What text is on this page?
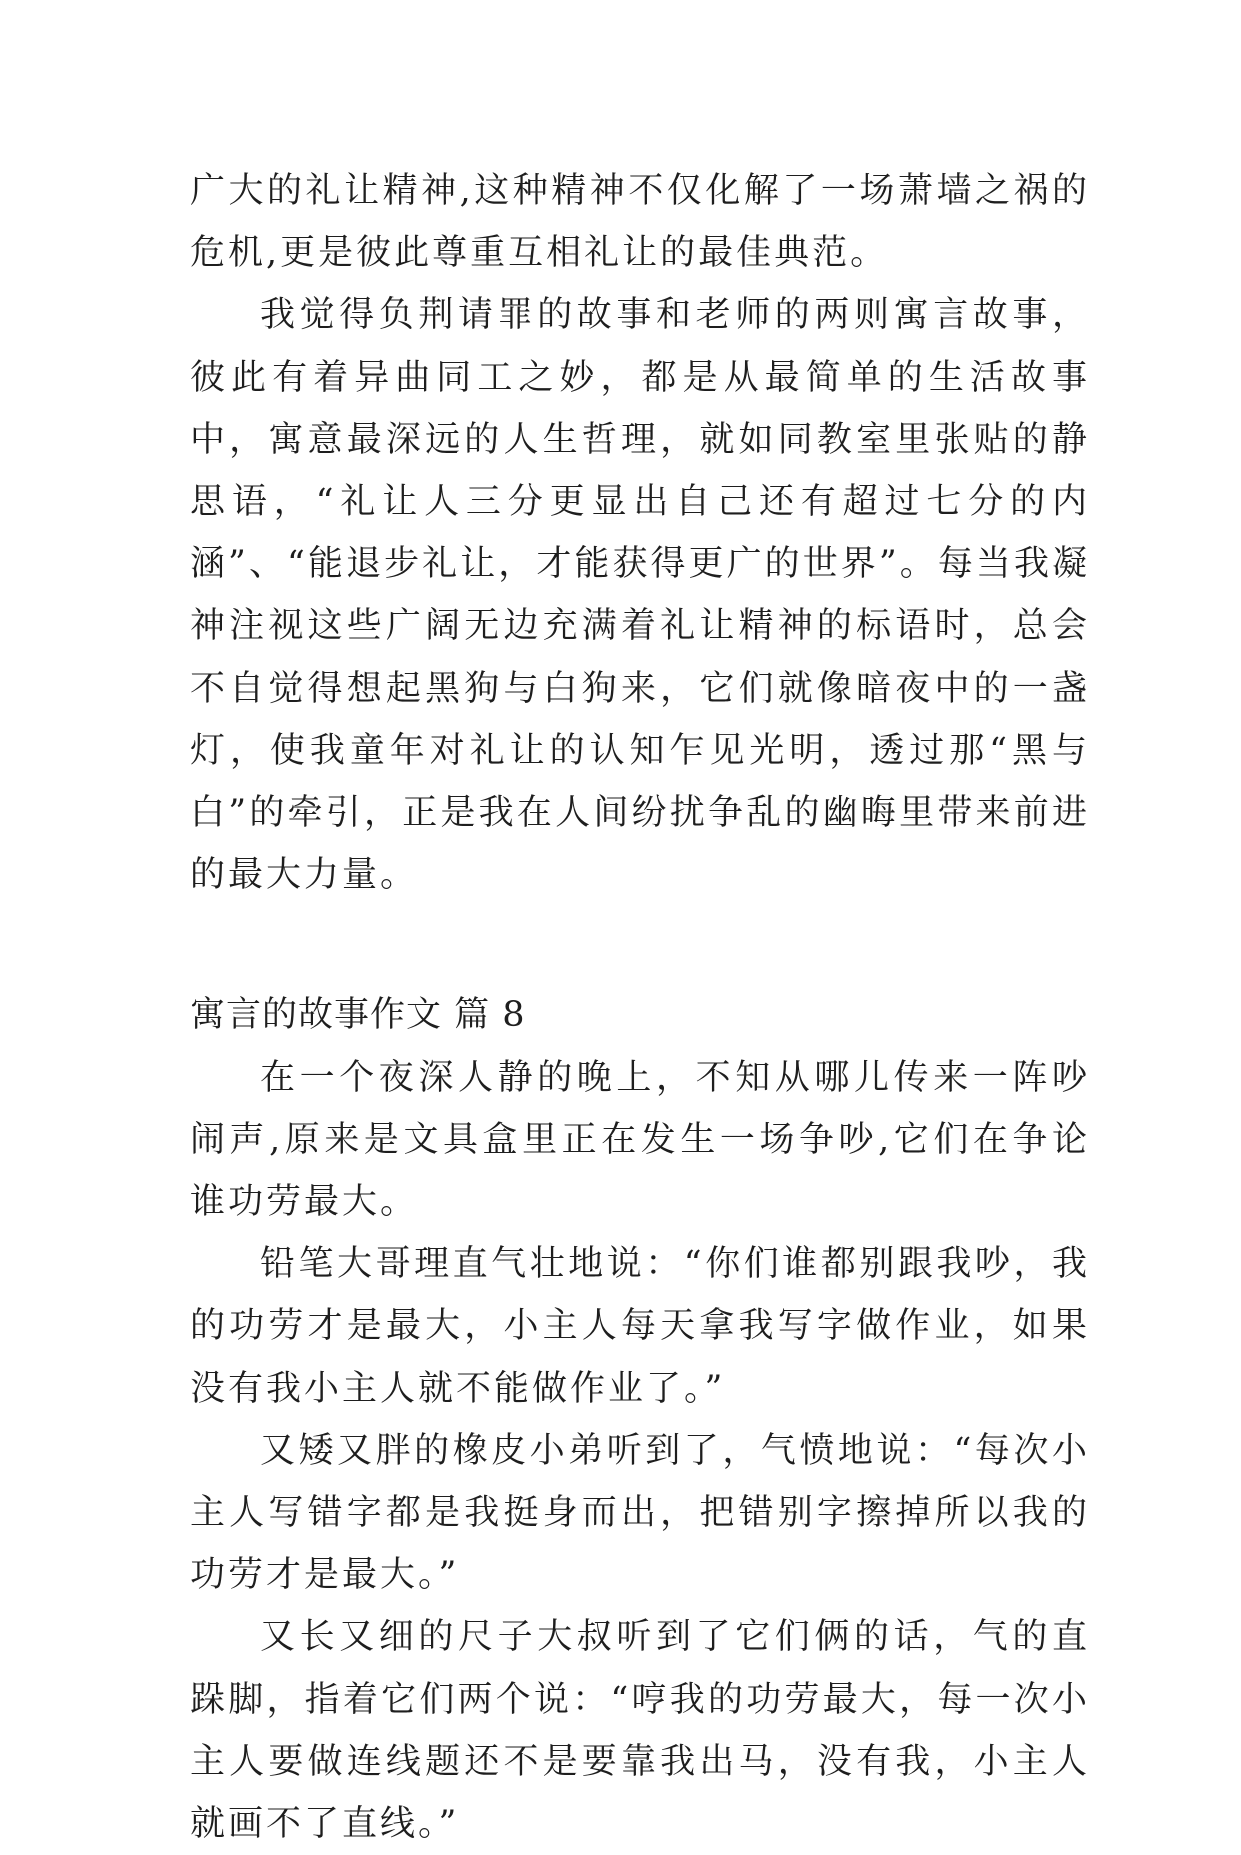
广大的礼让精神,这种精神不仅化解了一场萧墙之祸的危机,更是彼此尊重互相礼让的最佳典范。

我觉得负荆请罪的故事和老师的两则寓言故事，彼此有着异曲同工之妙，都是从最简单的生活故事中，寓意最深远的人生哲理，就如同教室里张贴的静思语，“礼让人三分更显出自己还有超过七分的内涵”、“能退步礼让，才能获得更广的世界”。每当我凝神注视这些广阔无边充满着礼让精神的标语时，总会不自觉得想起黑狗与白狗来，它们就像暗夜中的一盏灯，使我童年对礼让的认知乍见光明，透过那“黑与白”的牵引，正是我在人间纷扰争乱的幽晦里带来前进的最大力量。

寓言的故事作文 篇 8

在一个夜深人静的晚上，不知从哪儿传来一阵吵闹声,原来是文具盒里正在发生一场争吵,它们在争论谁功劳最大。

铅笔大哥理直气壮地说：“你们谁都别跟我吵，我的功劳才是最大，小主人每天拿我写字做作业，如果没有我小主人就不能做作业了。”

又矮又胖的橡皮小弟听到了，气愤地说：“每次小主人写错字都是我挺身而出，把错别字擦掉所以我的功劳才是最大。”

又长又细的尺子大叔听到了它们俩的话，气的直跺脚，指着它们两个说：“哼我的功劳最大，每一次小主人要做连线题还不是要靠我出马，没有我，小主人就画不了直线。”
